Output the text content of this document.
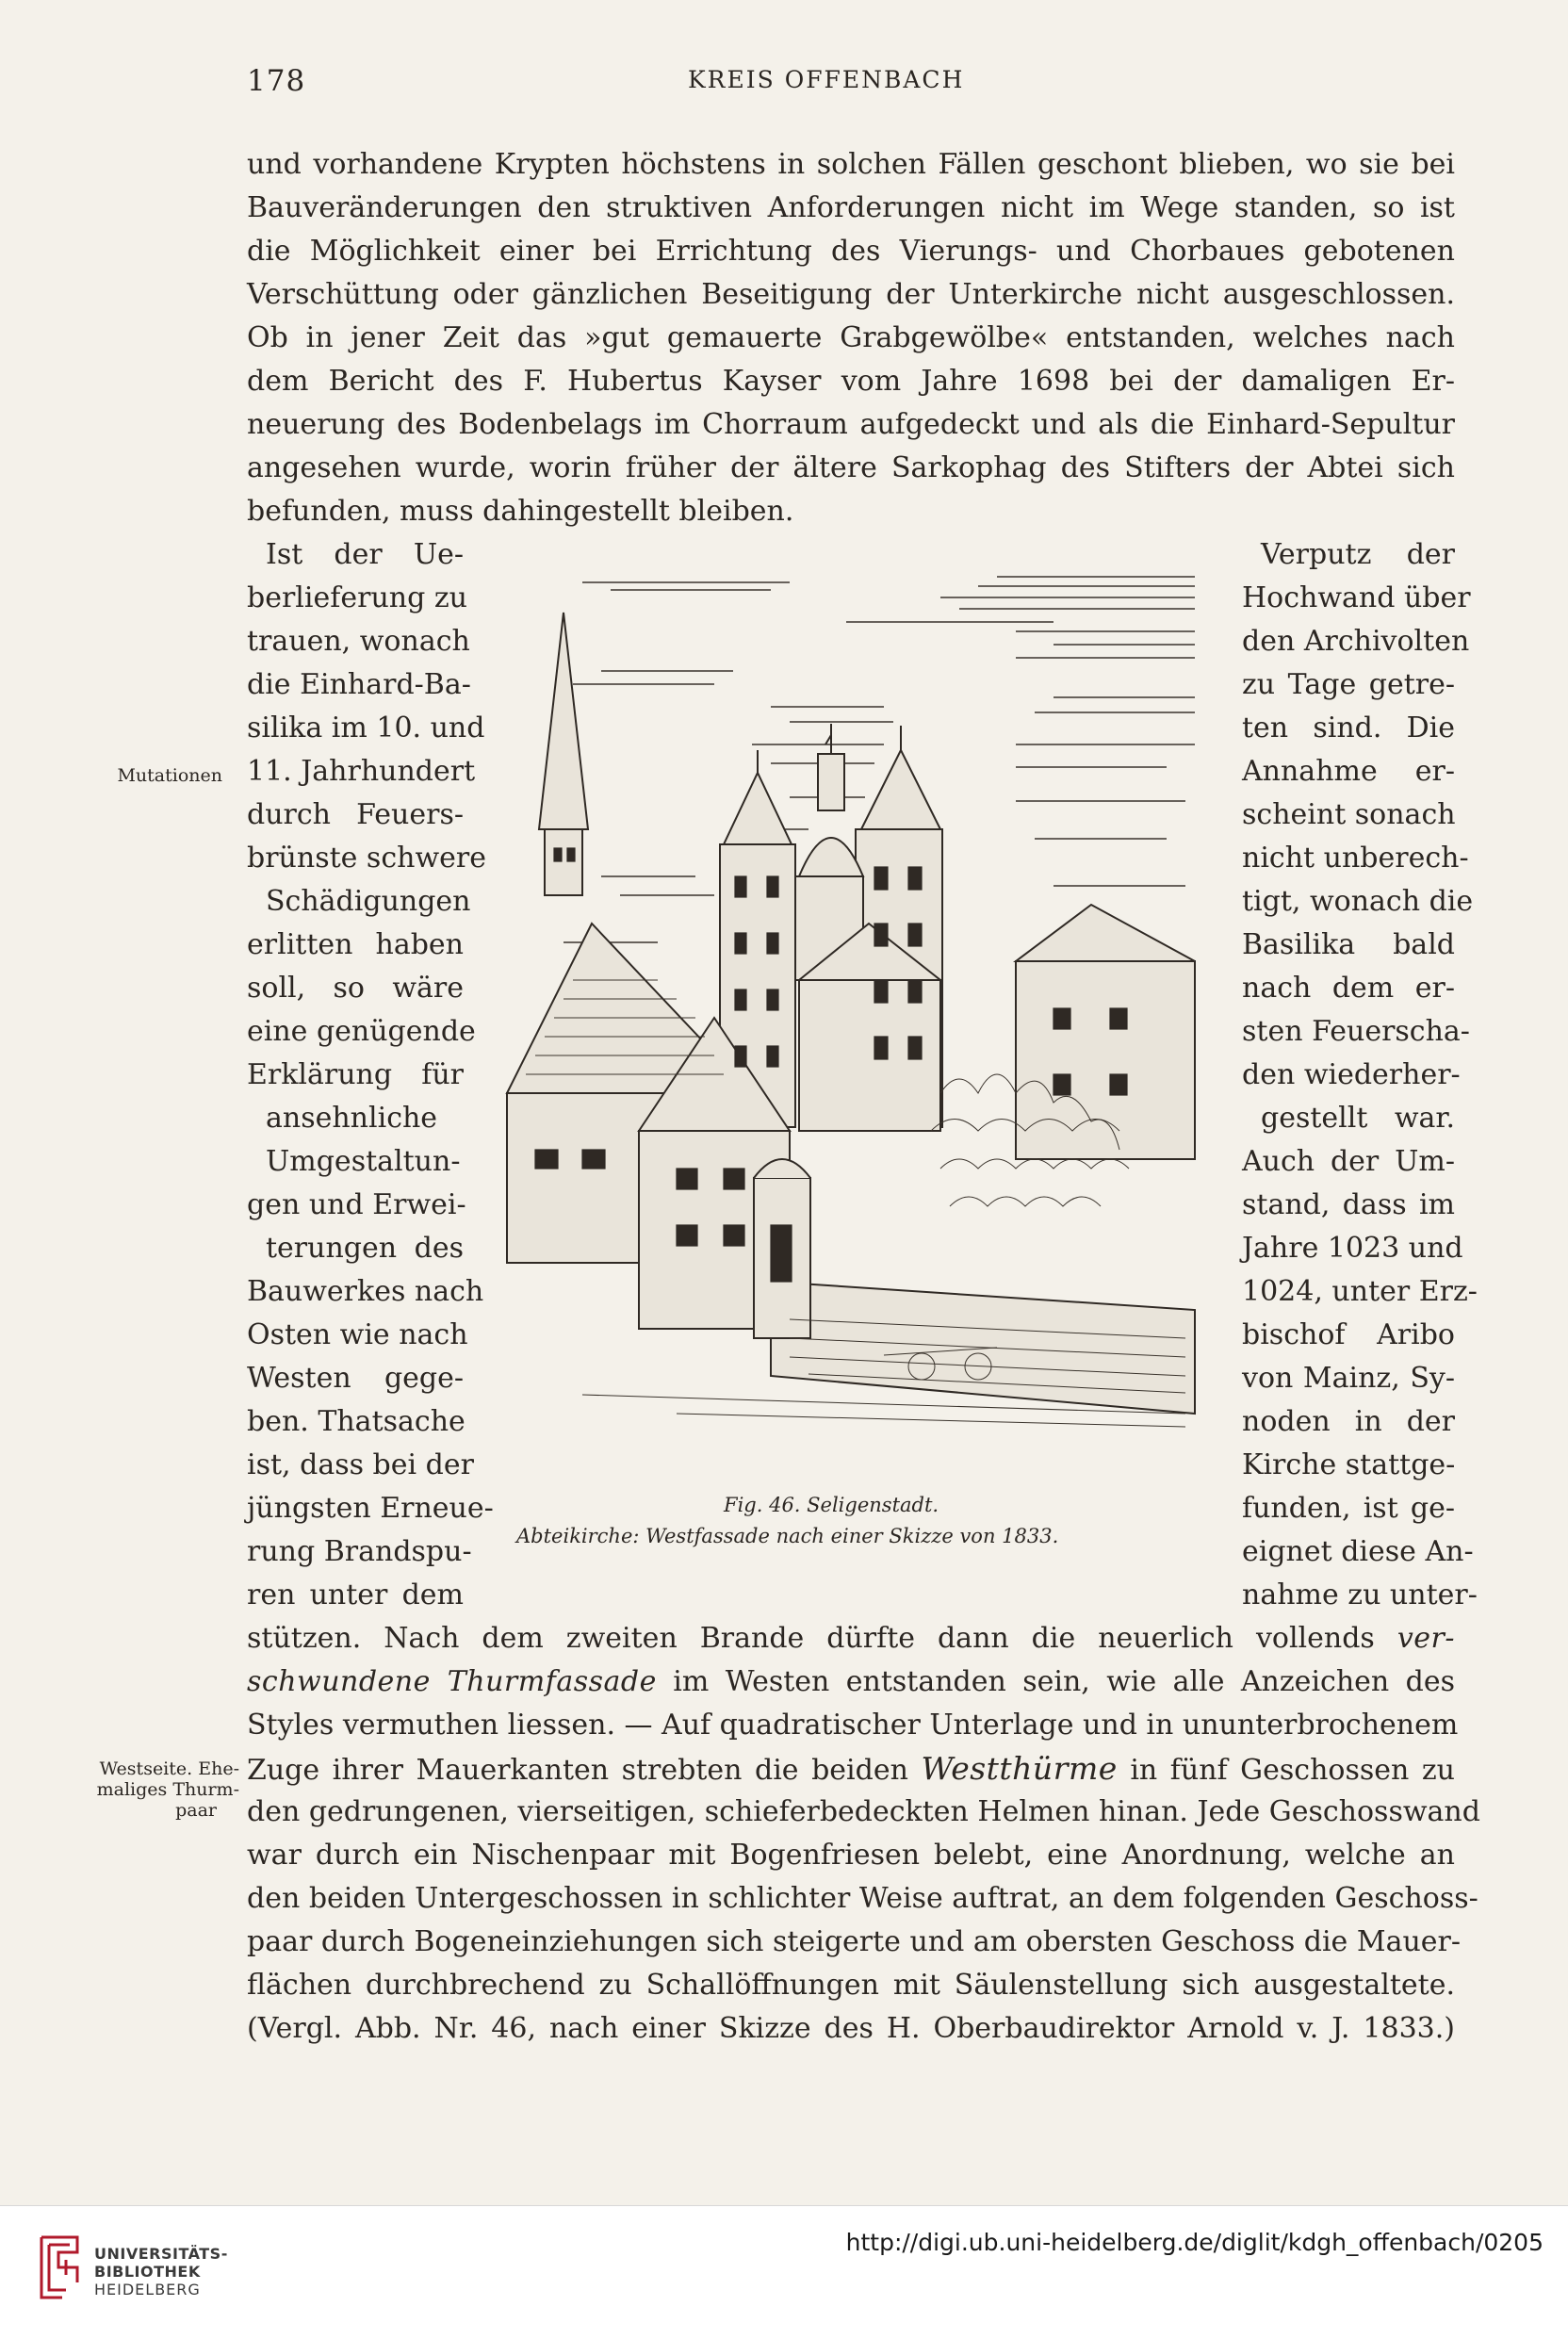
178	KREIS OFFENBACH
und vorhandene Krypten höchstens in solchen Fällen geschont blieben, wo sie bei
Bauveränderungen den struktiven Anforderungen nicht im Wege standen, so ist
die Möglichkeit einer bei Errichtung des Vierungs- und Chorbaues gebotenen
Verschüttung oder gänzlichen Beseitigung der Unterkirche nicht ausgeschlossen.
Ob in jener Zeit das »gut gemauerte Grabgewölbe« entstanden, welches nach
dem Bericht des F. Hubertus Kayser vom Jahre 1698 bei der damaligen Er-
neuerung des Bodenbelags im Chorraum aufgedeckt und als die Einhard-Sepultur
angesehen wurde, worin früher der ältere Sarkophag des Stifters der Abtei sich
befunden, muss dahingestellt bleiben.
Ist der Ue-
berlieferung zu
trauen, wonach
die Einhard-Ba-
silika im 10. und
11. Jahrhundert
durch Feuers-
brünste schwere
Schädigungen
erlitten haben
soll, so wäre
eine genügende
Erklärung für
ansehnliche
Umgestaltun-
gen und Erwei-
terungen des
Bauwerkes nach
Osten wie nach
Westen gege-
ben. Thatsache
ist, dass bei der
jüngsten Erneue-
rung Brandspu-
ren unter dem
Verputz der
Hochwand über
den Archivolten
zu Tage getre-
ten sind. Die
Annahme er-
scheint sonach
nicht unberech-
tigt, wonach die
Basilika bald
nach dem er-
sten Feuerscha-
den wiederher-
gestellt war.
Auch der Um-
stand, dass im
Jahre 1023 und
1024, unter Erz-
bischof Aribo
von Mainz, Sy-
noden in der
Kirche stattge-
funden, ist ge-
eignet diese An-
nahme zu unter-
Fig. 46. Seligenstadt.
Abteikirche: Westfassade nach einer Skizze von 1833.
stützen. Nach dem zweiten Brande dürfte dann die neuerlich vollends ver-
schwundene Thurmfassade im Westen entstanden sein, wie alle Anzeichen des
Styles vermuthen liessen. — Auf quadratischer Unterlage und in ununterbrochenem
Zuge ihrer Mauerkanten strebten die beiden Westthürme in fünf Geschossen zu
den gedrungenen, vierseitigen, schieferbedeckten Helmen hinan. Jede Geschosswand
war durch ein Nischenpaar mit Bogenfriesen belebt, eine Anordnung, welche an
den beiden Untergeschossen in schlichter Weise auftrat, an dem folgenden Geschoss-
paar durch Bogeneinziehungen sich steigerte und am obersten Geschoss die Mauer-
flächen durchbrechend zu Schallöffnungen mit Säulenstellung sich ausgestaltete.
(Vergl. Abb. Nr. 46, nach einer Skizze des H. Oberbaudirektor Arnold v. J. 1833.)
Mutationen
Westseite. Ehe-
maliges Thurm-
paar
UNIVERSITÄTS-
BIBLIOTHEK
HEIDELBERG
http://digi.ub.uni-heidelberg.de/diglit/kdgh_offenbach/0205
